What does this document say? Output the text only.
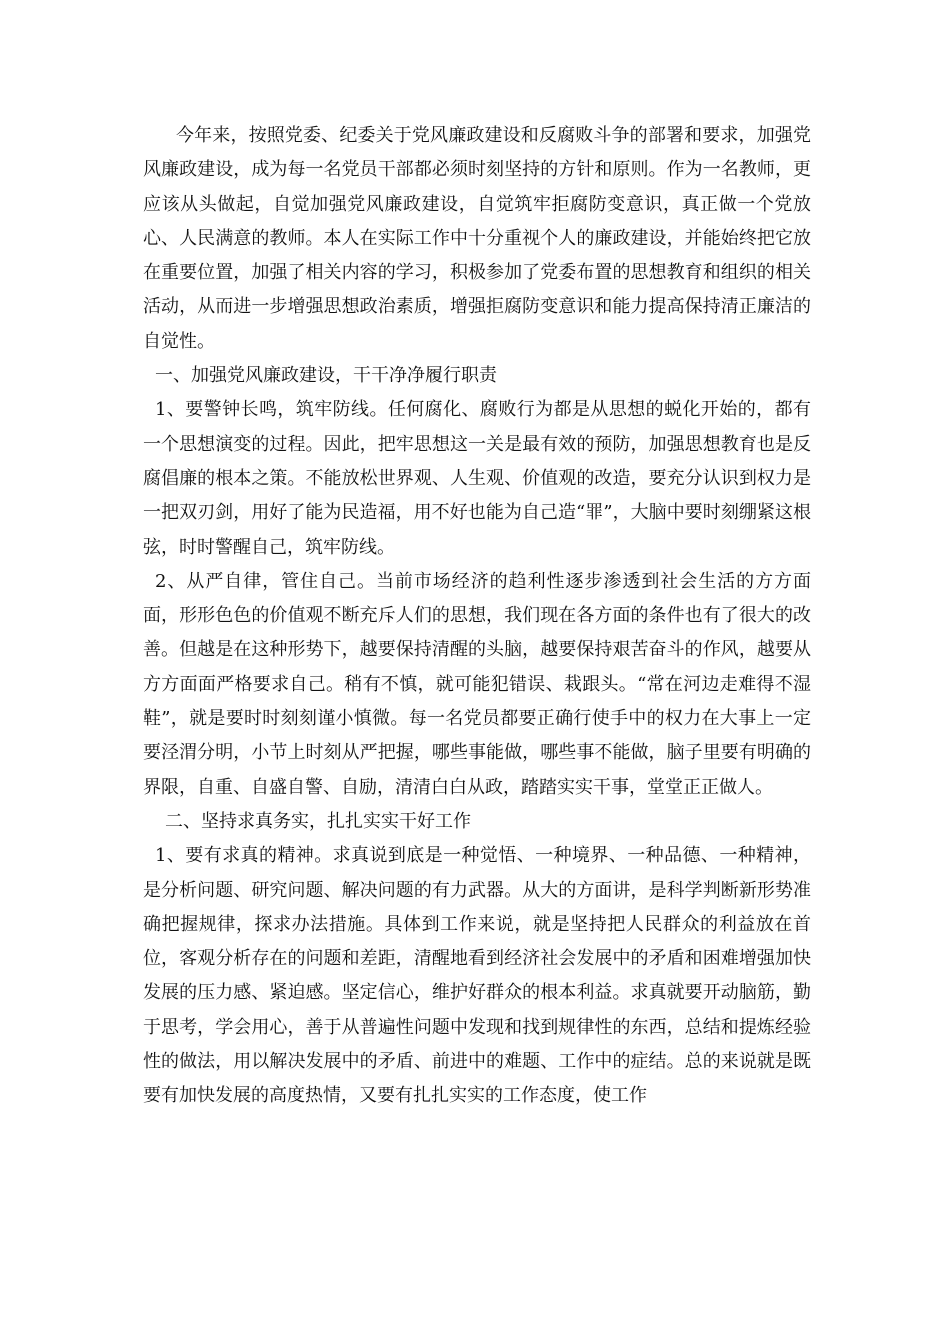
今年来，按照党委、纪委关于党风廉政建设和反腐败斗争的部署和要求，加强党风廉政建设，成为每一名党员干部都必须时刻坚持的方针和原则。作为一名教师，更应该从头做起，自觉加强党风廉政建设，自觉筑牢拒腐防变意识，真正做一个党放心、人民满意的教师。本人在实际工作中十分重视个人的廉政建设，并能始终把它放在重要位置，加强了相关内容的学习，积极参加了党委布置的思想教育和组织的相关活动，从而进一步增强思想政治素质，增强拒腐防变意识和能力提高保持清正廉洁的自觉性。

一、加强党风廉政建设，干干净净履行职责

1、要警钟长鸣，筑牢防线。任何腐化、腐败行为都是从思想的蜕化开始的，都有一个思想演变的过程。因此，把牢思想这一关是最有效的预防，加强思想教育也是反腐倡廉的根本之策。不能放松世界观、人生观、价值观的改造，要充分认识到权力是一把双刃剑，用好了能为民造福，用不好也能为自己造“罪”，大脑中要时刻绷紧这根弦，时时警醒自己，筑牢防线。

2、从严自律，管住自己。当前市场经济的趋利性逐步渗透到社会生活的方方面面，形形色色的价值观不断充斥人们的思想，我们现在各方面的条件也有了很大的改善。但越是在这种形势下，越要保持清醒的头脑，越要保持艰苦奋斗的作风，越要从方方面面严格要求自己。稍有不慎，就可能犯错误、栽跟头。“常在河边走难得不湿鞋”，就是要时时刻刻谨小慎微。每一名党员都要正确行使手中的权力在大事上一定要泾渭分明，小节上时刻从严把握，哪些事能做，哪些事不能做，脑子里要有明确的界限，自重、自盛自警、自励，清清白白从政，踏踏实实干事，堂堂正正做人。

二、坚持求真务实，扎扎实实干好工作

1、要有求真的精神。求真说到底是一种觉悟、一种境界、一种品德、一种精神，是分析问题、研究问题、解决问题的有力武器。从大的方面讲，是科学判断新形势准确把握规律，探求办法措施。具体到工作来说，就是坚持把人民群众的利益放在首位，客观分析存在的问题和差距，清醒地看到经济社会发展中的矛盾和困难增强加快发展的压力感、紧迫感。坚定信心，维护好群众的根本利益。求真就要开动脑筋，勤于思考，学会用心，善于从普遍性问题中发现和找到规律性的东西，总结和提炼经验性的做法，用以解决发展中的矛盾、前进中的难题、工作中的症结。总的来说就是既要有加快发展的高度热情，又要有扎扎实实的工作态度，使工作
